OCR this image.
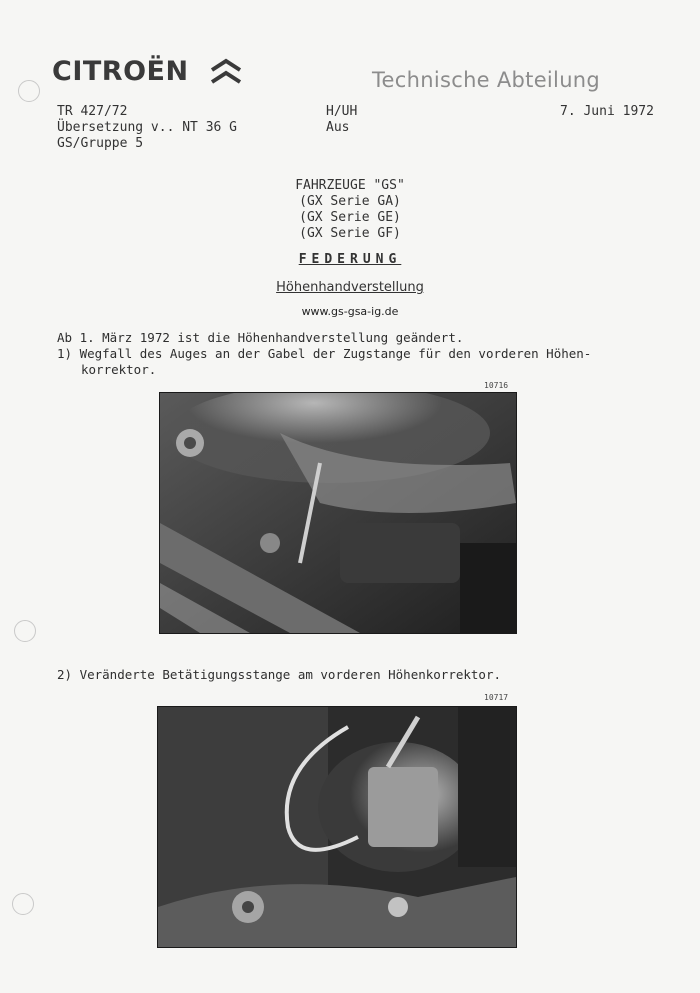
CITROËN	Technische Abteilung
TR 427/72
Übersetzung v.. NT 36 G
GS/Gruppe 5
H/UH
Aus
7. Juni 1972
FAHRZEUGE "GS"
(GX Serie GA)
(GX Serie GE)
(GX Serie GF)
FEDERUNG
Höhenhandverstellung
www.gs-gsa-ig.de
Ab 1. März 1972 ist die Höhenhandverstellung geändert.
1) Wegfall des Auges an der Gabel der Zugstange für den vorderen Höhen-
korrektor.
10716
2) Veränderte Betätigungsstange am vorderen Höhenkorrektor.
10717
